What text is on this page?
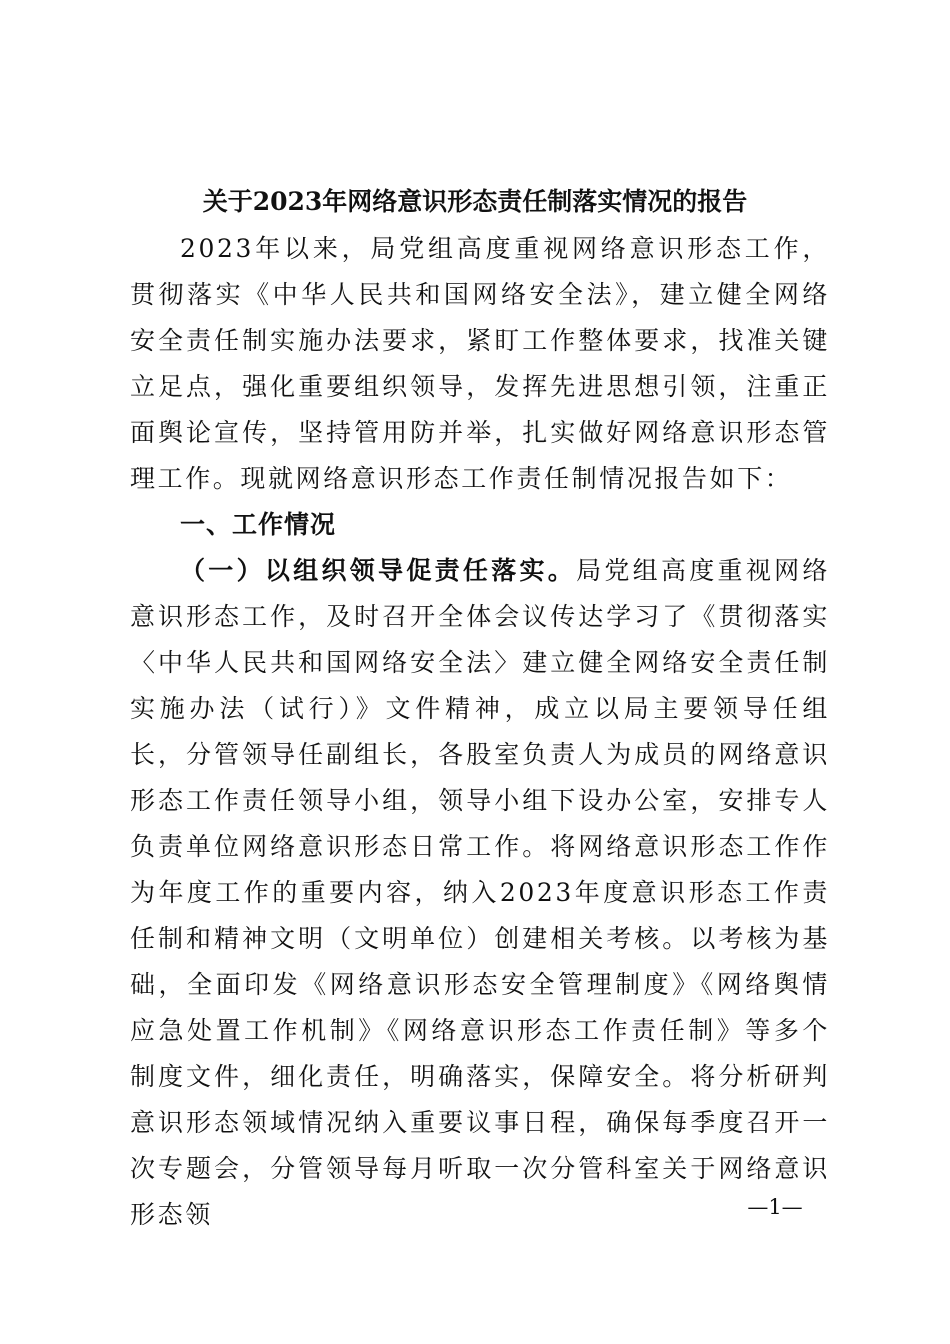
关于2023年网络意识形态责任制落实情况的报告
2023年以来，局党组高度重视网络意识形态工作，贯彻落实《中华人民共和国网络安全法》，建立健全网络安全责任制实施办法要求，紧盯工作整体要求，找准关键立足点，强化重要组织领导，发挥先进思想引领，注重正面舆论宣传，坚持管用防并举，扎实做好网络意识形态管理工作。现就网络意识形态工作责任制情况报告如下：
一、工作情况
（一）以组织领导促责任落实。局党组高度重视网络意识形态工作，及时召开全体会议传达学习了《贯彻落实〈中华人民共和国网络安全法〉建立健全网络安全责任制实施办法（试行）》文件精神，成立以局主要领导任组长，分管领导任副组长，各股室负责人为成员的网络意识形态工作责任领导小组，领导小组下设办公室，安排专人负责单位网络意识形态日常工作。将网络意识形态工作作为年度工作的重要内容，纳入2023年度意识形态工作责任制和精神文明（文明单位）创建相关考核。以考核为基础，全面印发《网络意识形态安全管理制度》《网络舆情应急处置工作机制》《网络意识形态工作责任制》等多个制度文件，细化责任，明确落实，保障安全。将分析研判意识形态领域情况纳入重要议事日程，确保每季度召开一次专题会，分管领导每月听取一次分管科室关于网络意识形态领	—1—
